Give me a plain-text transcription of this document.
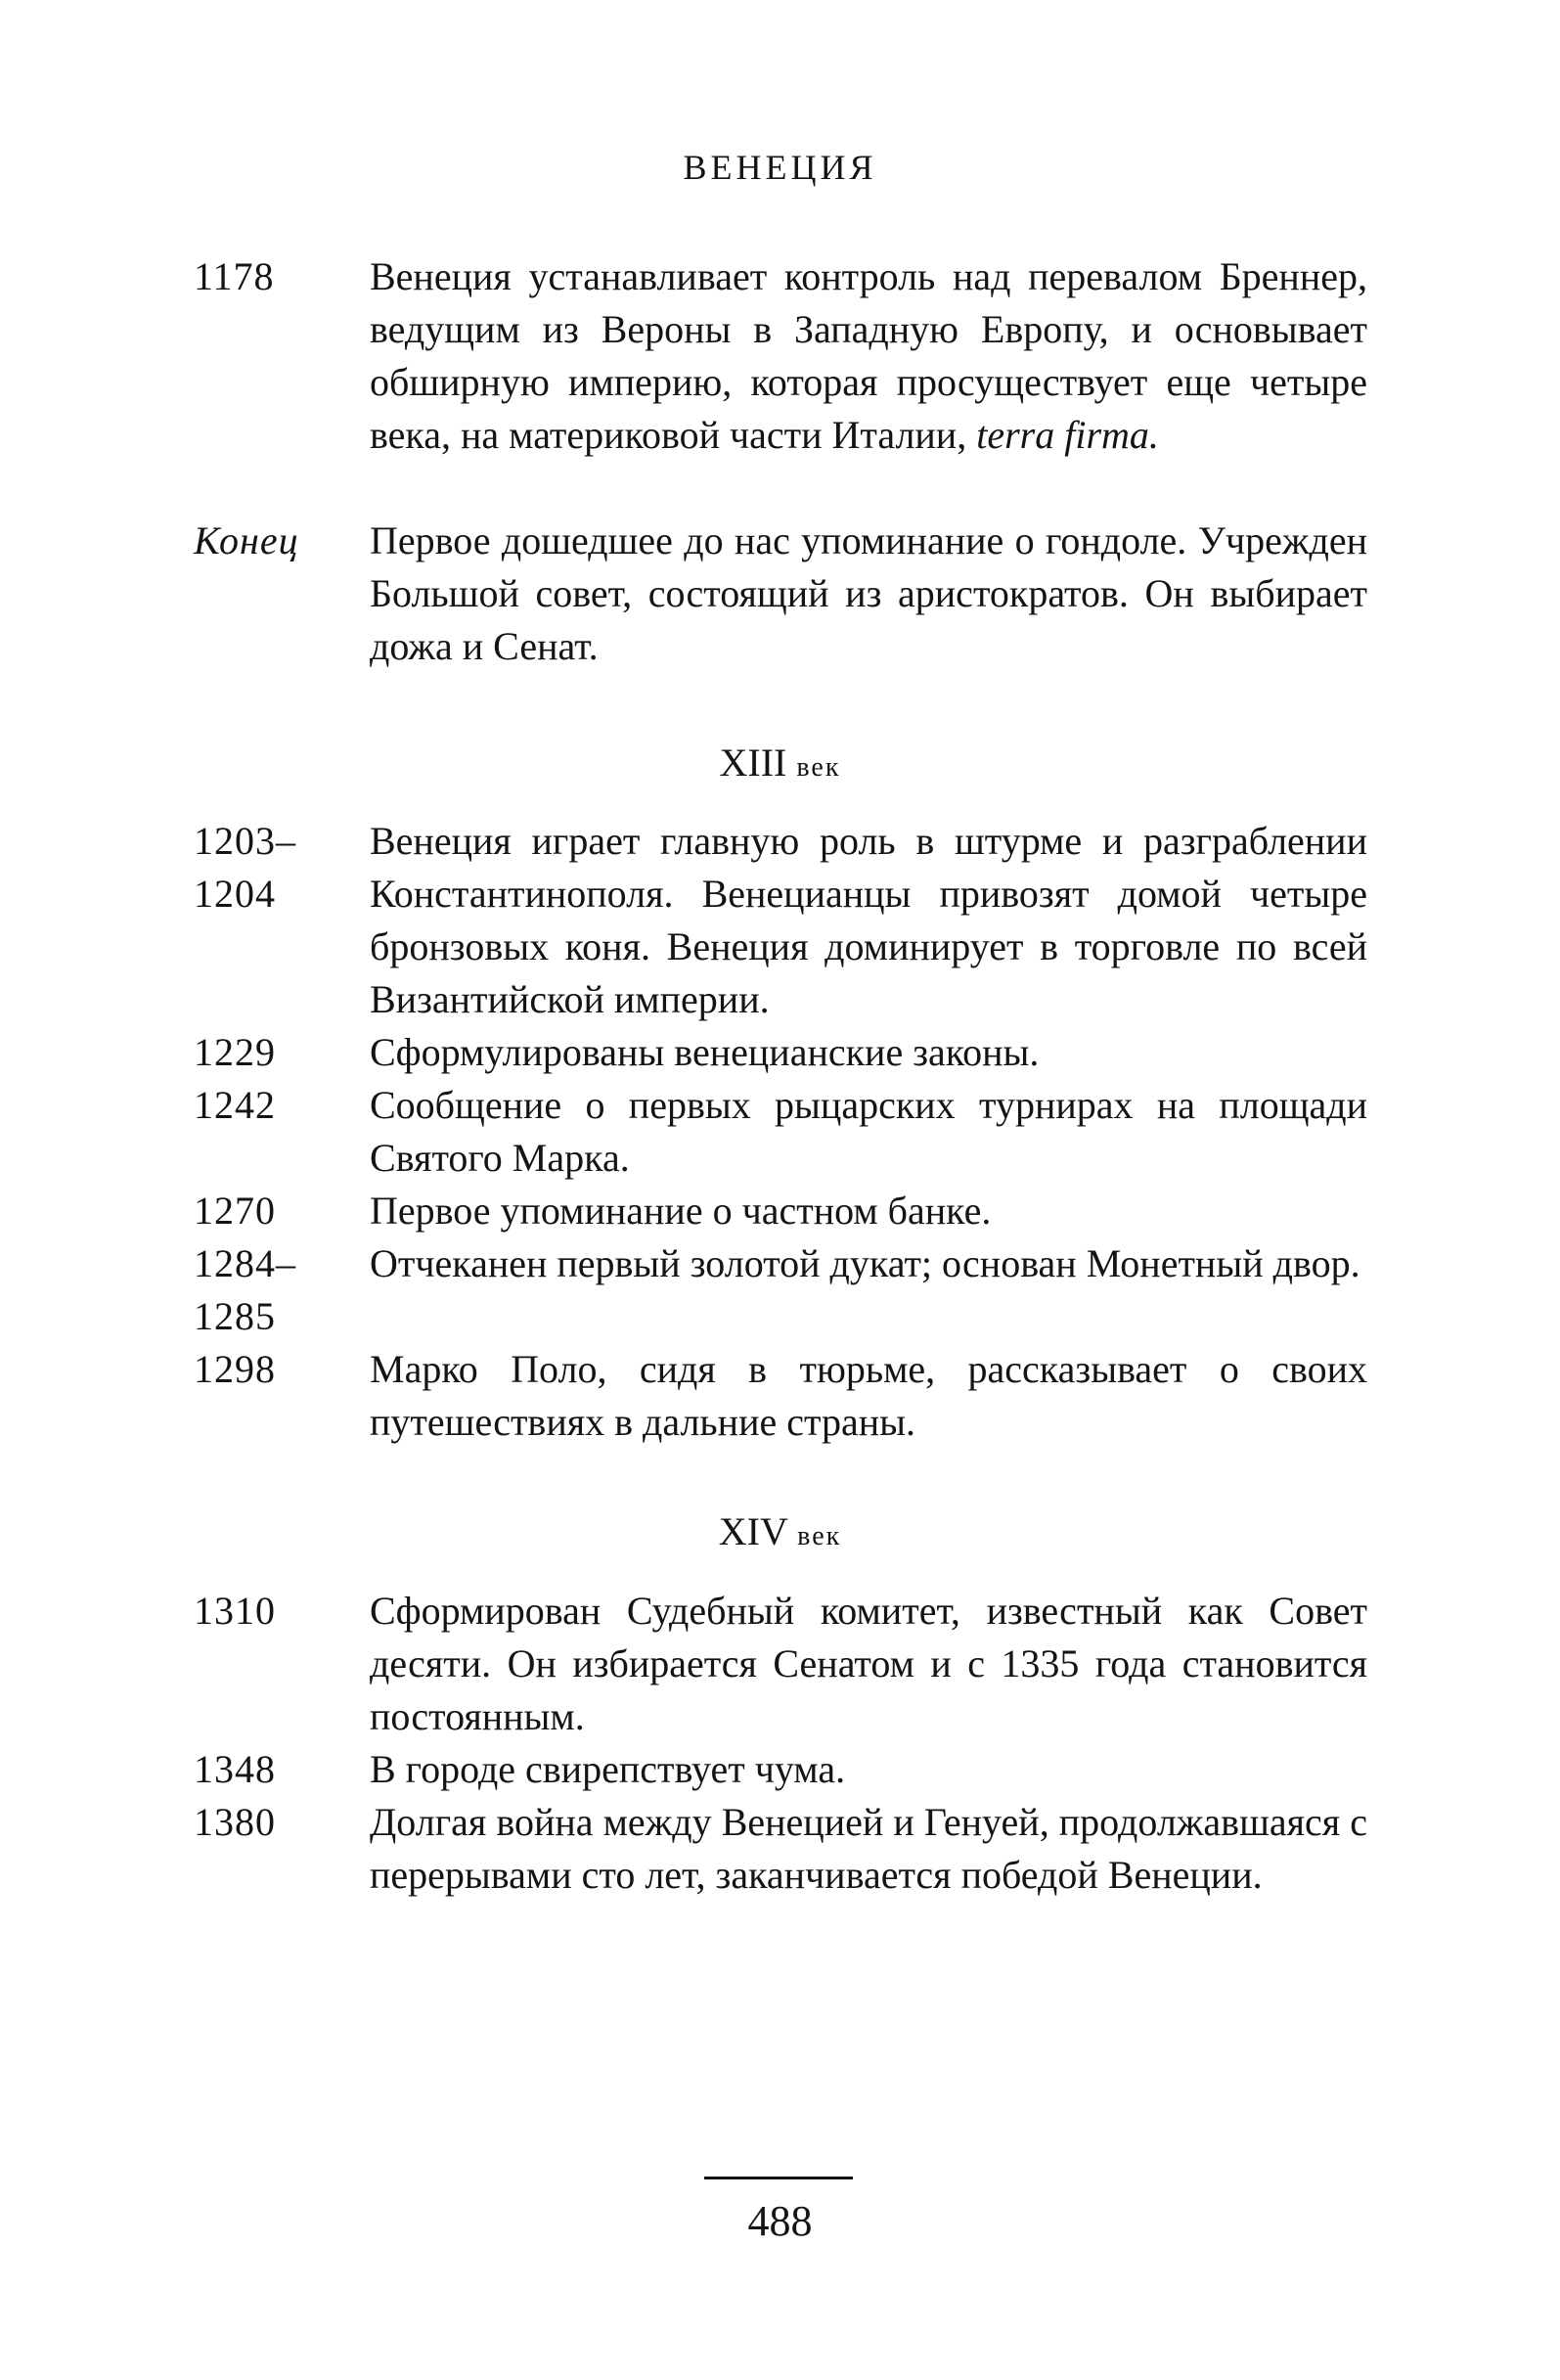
ВЕНЕЦИЯ
1178 Венеция устанавливает контроль над перевалом Бреннер, ведущим из Вероны в Западную Европу, и основывает обширную империю, которая просуществует еще четыре века, на материковой части Италии, terra firma.
Конец Первое дошедшее до нас упоминание о гондоле. Учрежден Большой совет, состоящий из аристократов. Он выбирает дожа и Сенат.
XIII век
1203–
1204
Венеция играет главную роль в штурме и разграблении Константинополя. Венецианцы привозят домой четыре бронзовых коня. Венеция доминирует в торговле по всей Византийской империи.
1229 Сформулированы венецианские законы.
1242 Сообщение о первых рыцарских турнирах на площади Святого Марка.
1270 Первое упоминание о частном банке.
1284–
1285
Отчеканен первый золотой дукат; основан Монетный двор.
1298 Марко Поло, сидя в тюрьме, рассказывает о своих путешествиях в дальние страны.
XIV век
1310 Сформирован Судебный комитет, известный как Совет десяти. Он избирается Сенатом и с 1335 года становится постоянным.
1348 В городе свирепствует чума.
1380 Долгая война между Венецией и Генуей, продолжавшаяся с перерывами сто лет, заканчивается победой Венеции.
488
